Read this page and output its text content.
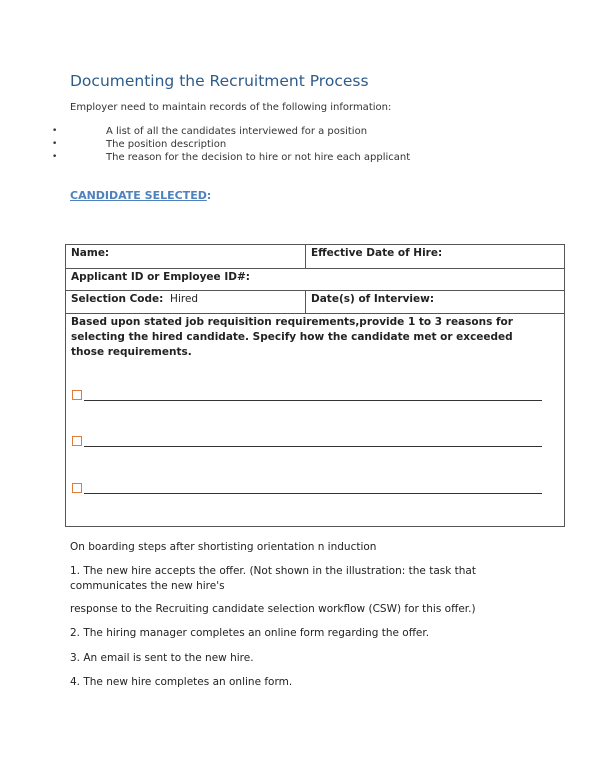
Documenting the Recruitment Process
Employer need to maintain records of the following information:
•	A list of all the candidates interviewed for a position
•	The position description
•	The reason for the decision to hire or not hire each applicant
CANDIDATE SELECTED:
Name:	Effective Date of Hire:
Applicant ID or Employee ID#:
Selection Code: Hired	Date(s) of Interview:

Based upon stated job requisition requirements,provide 1 to 3 reasons for
selecting the hired candidate. Specify how the candidate met or exceeded
those requirements.

On boarding steps after shortisting orientation n induction

1. The new hire accepts the offer. (Not shown in the illustration: the task that
communicates the new hire's

response to the Recruiting candidate selection workflow (CSW) for this offer.)

2. The hiring manager completes an online form regarding the offer.

3. An email is sent to the new hire.

4. The new hire completes an online form.
